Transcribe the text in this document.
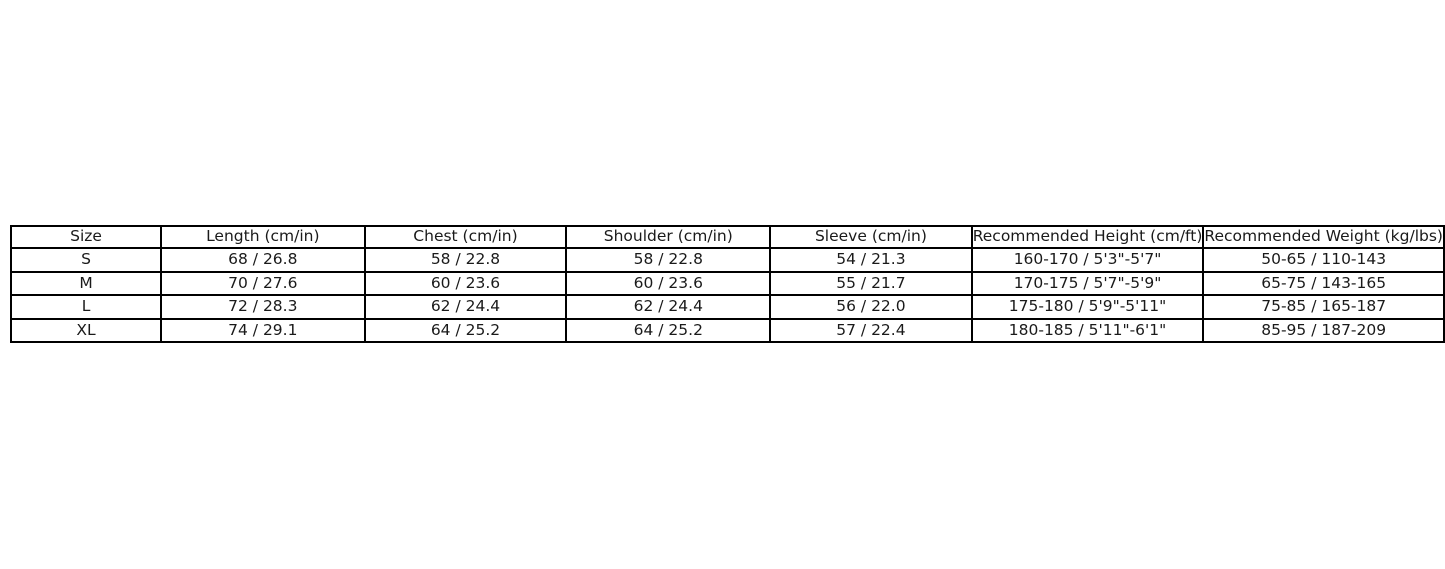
Size	Length (cm/in)	Chest (cm/in)	Shoulder (cm/in)	Sleeve (cm/in)	Recommended Height (cm/ft)	Recommended Weight (kg/lbs)

S	68 / 26.8	58 / 22.8	58 / 22.8	54 / 21.3	160-170 / 5'3"-5'7"	50-65 / 110-143

M	70 / 27.6	60 / 23.6	60 / 23.6	55 / 21.7	170-175 / 5'7"-5'9"	65-75 / 143-165

L	72 / 28.3	62 / 24.4	62 / 24.4	56 / 22.0	175-180 / 5'9"-5'11"	75-85 / 165-187

XL	74 / 29.1	64 / 25.2	64 / 25.2	57 / 22.4	180-185 / 5'11"-6'1"	85-95 / 187-209
